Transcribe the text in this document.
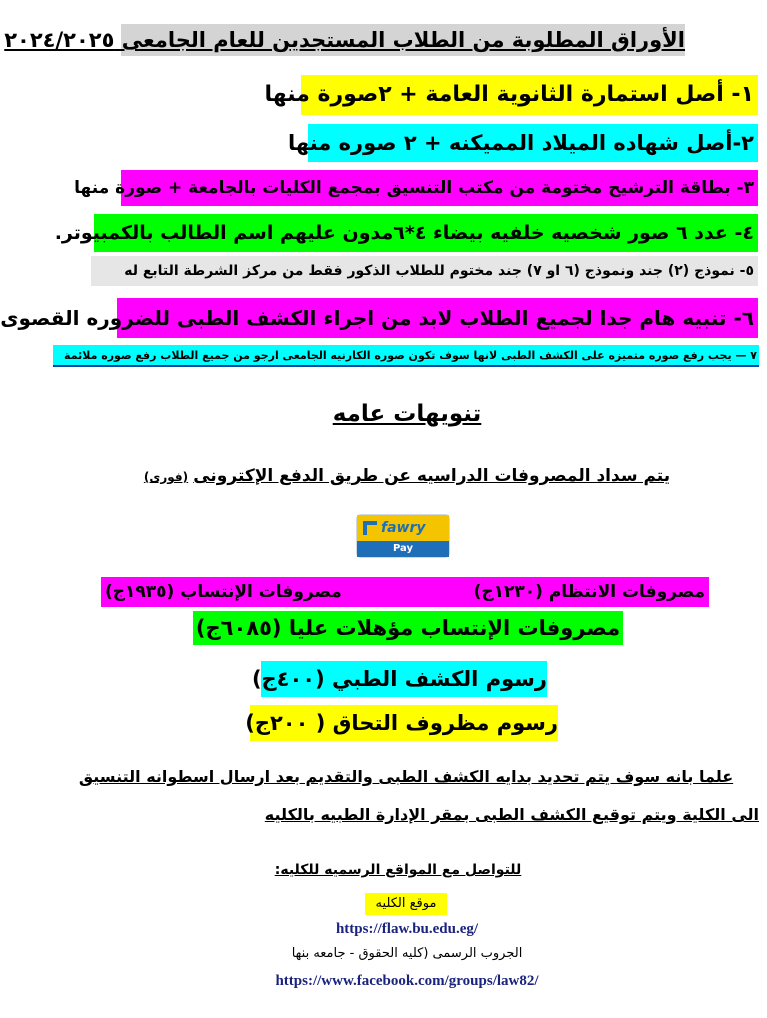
الأوراق المطلوبة من الطلاب المستجدين للعام الجامعى ٢٠٢٤/٢٠٢٥
١- أصل استمارة الثانوية العامة + ٢صورة منها
٢-أصل شهاده الميلاد المميكنه + ٢ صوره منها
٣- بطاقة الترشيح مختومة من مكتب التنسيق بمجمع الكليات بالجامعة + صورة منها
٤- عدد ٦ صور شخصيه خلفيه بيضاء ٤*٦مدون عليهم اسم الطالب بالكمبيوتر.
٥- نموذج (٢) جند ونموذج (٦ او ٧) جند مختوم للطلاب الذكور فقط من مركز الشرطة التابع له
٦- تنبيه هام جدا لجميع الطلاب لابد من اجراء الكشف الطبى للضروره القصوى
٧ — يجب رفع صوره متميزه على الكشف الطبى لانها سوف تكون صوره الكارنيه الجامعى ارجو من جميع الطلاب رفع صوره ملائمة
تنويهات عامه
يتم سداد المصروفات الدراسيه عن طريق الدفع الإكترونى (فورى)
fawry
Pay
مصروفات الانتظام (١٢٣٠ج)
مصروفات الإنتساب (١٩٣٥ج)
مصروفات الإنتساب مؤهلات عليا (٦٠٨٥ج)
رسوم الكشف الطبي (٤٠٠ج)
رسوم مظروف التحاق ( ٢٠٠ج)
علما بانه سوف يتم تحديد بدايه الكشف الطبى والتقديم بعد ارسال اسطوانه التنسيق
الى الكلية ويتم توقيع الكشف الطبى بمقر الإدارة الطبيه بالكليه
للتواصل مع المواقع الرسميه للكليه:
موقع الكليه
https://flaw.bu.edu.eg/
الجروب الرسمى (كليه الحقوق - جامعه بنها
https://www.facebook.com/groups/law82/
